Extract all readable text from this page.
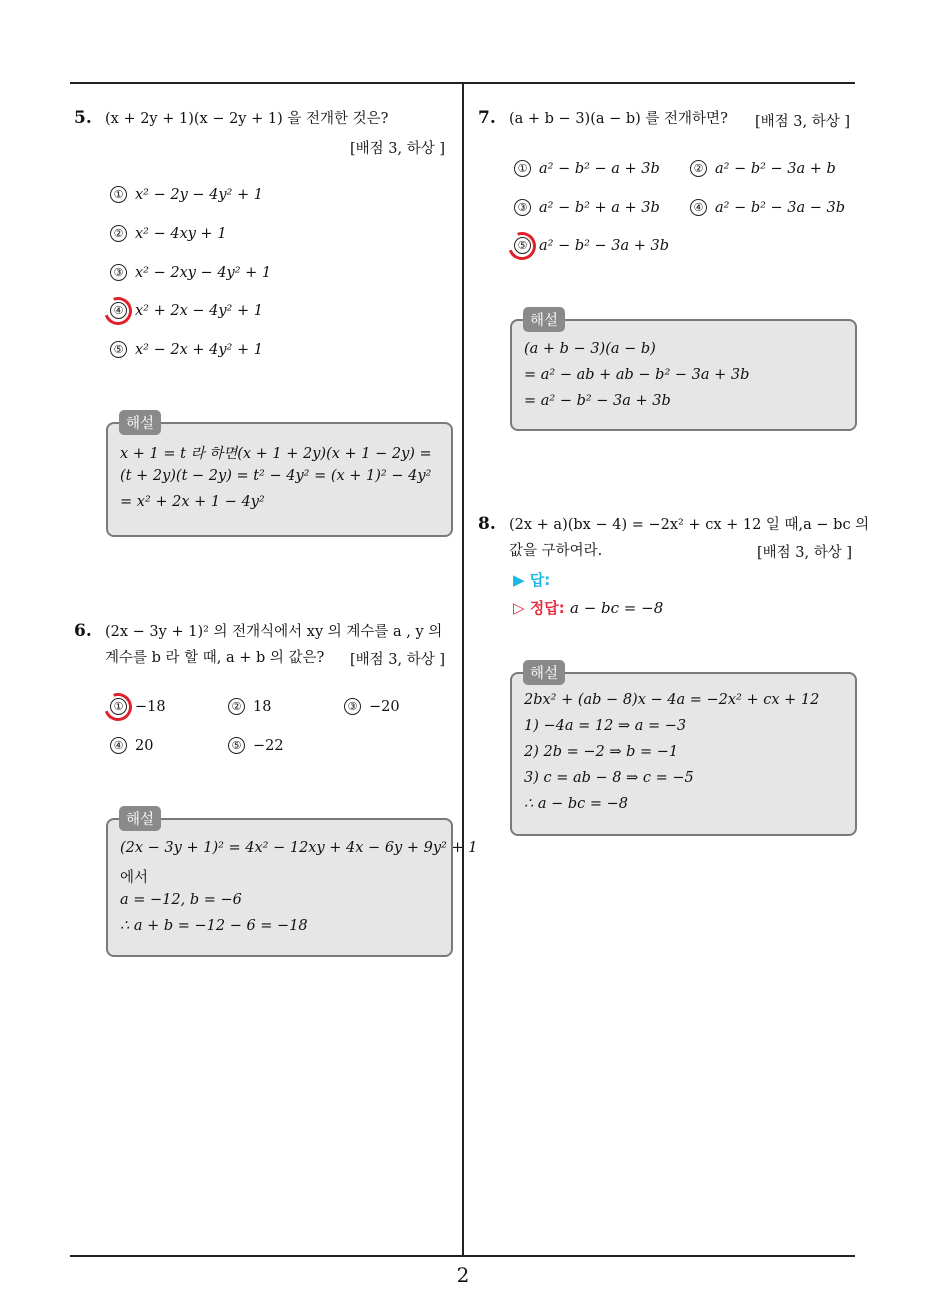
5. (x + 2y + 1)(x − 2y + 1) 을 전개한 것은?
[배점 3, 하상 ]
① x² − 2y − 4y² + 1
② x² − 4xy + 1
③ x² − 2xy − 4y² + 1
④ x² + 2x − 4y² + 1
⑤ x² − 2x + 4y² + 1
x + 1 = t 라 하면(x + 1 + 2y)(x + 1 − 2y) =
(t + 2y)(t − 2y) = t² − 4y² = (x + 1)² − 4y²
= x² + 2x + 1 − 4y²
해설
6. (2x − 3y + 1)² 의 전개식에서 xy 의 계수를 a , y 의
계수를 b 라 할 때, a + b 의 값은? [배점 3, 하상 ]
① −18	② 18	③ −20
④ 20	⑤ −22
(2x − 3y + 1)² = 4x² − 12xy + 4x − 6y + 9y² + 1
에서
a = −12, b = −6
∴ a + b = −12 − 6 = −18
해설
7. (a + b − 3)(a − b) 를 전개하면? [배점 3, 하상 ]
① a² − b² − a + 3b	② a² − b² − 3a + b
③ a² − b² + a + 3b	④ a² − b² − 3a − 3b
⑤ a² − b² − 3a + 3b
(a + b − 3)(a − b)
= a² − ab + ab − b² − 3a + 3b
= a² − b² − 3a + 3b
해설
8. (2x + a)(bx − 4) = −2x² + cx + 12 일 때,a − bc 의
값을 구하여라.	[배점 3, 하상 ]
▶ 답:
▷ 정답: a − bc = −8
2bx² + (ab − 8)x − 4a = −2x² + cx + 12
1) −4a = 12 ⇒ a = −3
2) 2b = −2 ⇒ b = −1
3) c = ab − 8 ⇒ c = −5
∴ a − bc = −8
해설
2
